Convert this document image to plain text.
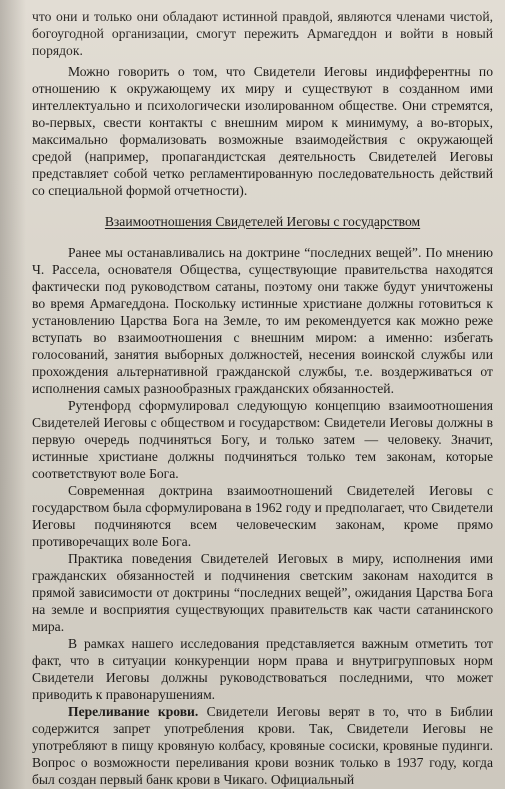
что они и только они обладают истинной правдой, являются членами чистой, богоугодной организации, смогут пережить Армагеддон и войти в новый порядок.

Можно говорить о том, что Свидетели Иеговы индифферентны по отношению к окружающему их миру и существуют в созданном ими интеллектуально и психологически изолированном обществе. Они стремятся, во-первых, свести контакты с внешним миром к минимуму, а во-вторых, максимально формализовать возможные взаимодействия с окружающей средой (например, пропагандистская деятельность Свидетелей Иеговы представляет собой четко регламентированную последовательность действий со специальной формой отчетности).

Взаимоотношения Свидетелей Иеговы с государством

Ранее мы останавливались на доктрине “последних вещей”. По мнению Ч. Рассела, основателя Общества, существующие правительства находятся фактически под руководством сатаны, поэтому они также будут уничтожены во время Армагеддона. Поскольку истинные христиане должны готовиться к установлению Царства Бога на Земле, то им рекомендуется как можно реже вступать во взаимоотношения с внешним миром: а именно: избегать голосований, занятия выборных должностей, несения воинской службы или прохождения альтернативной гражданской службы, т.е. воздерживаться от исполнения самых разнообразных гражданских обязанностей.

Рутенфорд сформулировал следующую концепцию взаимоотношения Свидетелей Иеговы с обществом и государством: Свидетели Иеговы должны в первую очередь подчиняться Богу, и только затем — человеку. Значит, истинные христиане должны подчиняться только тем законам, которые соответствуют воле Бога.

Современная доктрина взаимоотношений Свидетелей Иеговы с государством была сформулирована в 1962 году и предполагает, что Свидетели Иеговы подчиняются всем человеческим законам, кроме прямо противоречащих воле Бога.

Практика поведения Свидетелей Иеговых в миру, исполнения ими гражданских обязанностей и подчинения светским законам находится в прямой зависимости от доктрины “последних вещей”, ожидания Царства Бога на земле и восприятия существующих правительств как части сатанинского мира.

В рамках нашего исследования представляется важным отметить тот факт, что в ситуации конкуренции норм права и внутригрупповых норм Свидетели Иеговы должны руководствоваться последними, что может приводить к правонарушениям.

Переливание крови. Свидетели Иеговы верят в то, что в Библии содержится запрет употребления крови. Так, Свидетели Иеговы не употребляют в пищу кровяную колбасу, кровяные сосиски, кровяные пудинги. Вопрос о возможности переливания крови возник только в 1937 году, когда был создан первый банк крови в Чикаго. Официальный
